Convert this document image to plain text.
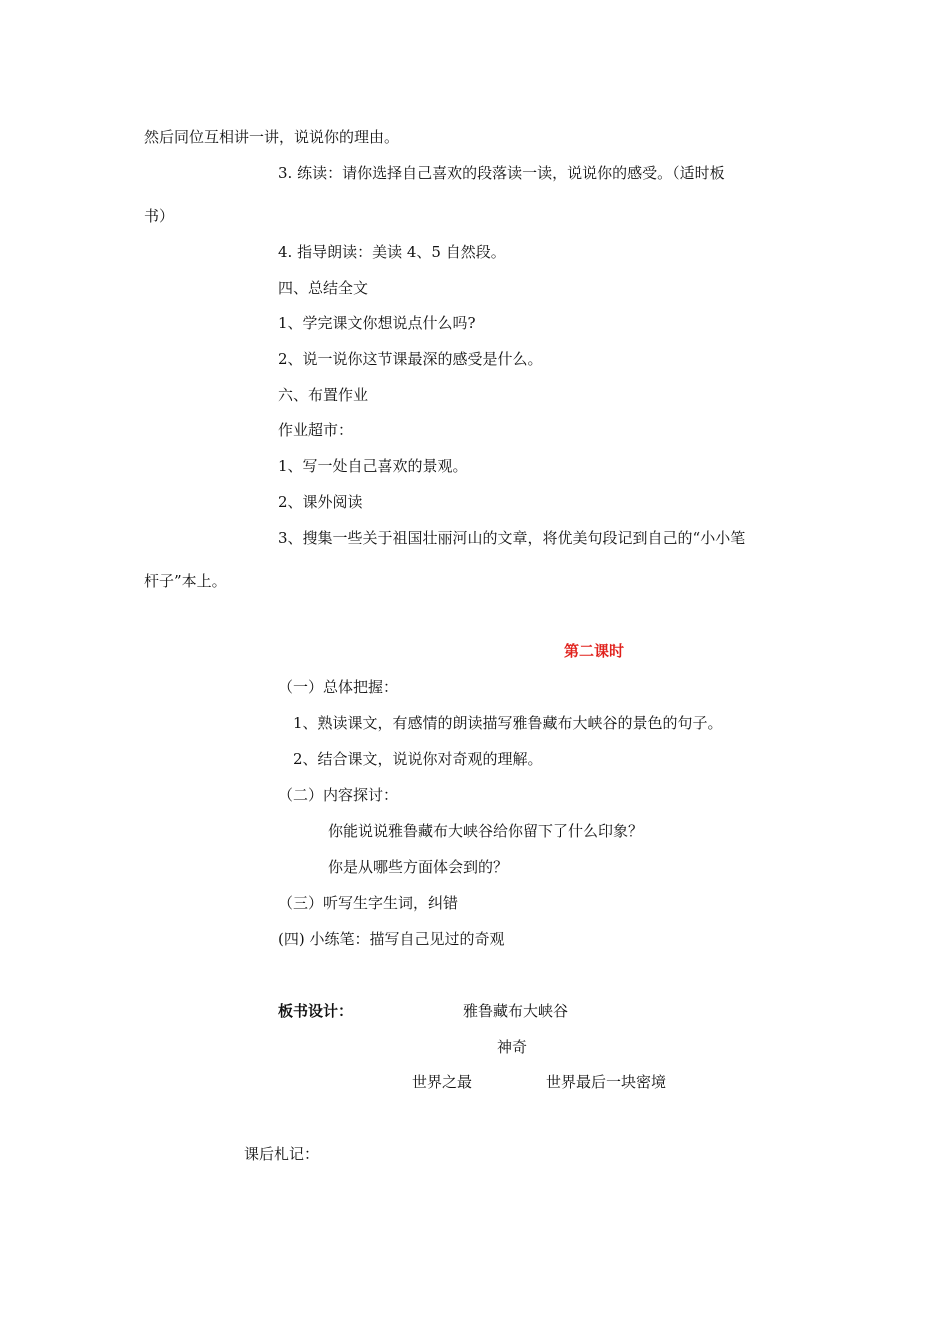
然后同位互相讲一讲，说说你的理由。
3. 练读：请你选择自己喜欢的段落读一读，说说你的感受。（适时板
书）
4. 指导朗读：美读 4、5 自然段。
四、总结全文
1、学完课文你想说点什么吗?
2、说一说你这节课最深的感受是什么。
六、布置作业
作业超市：
1、写一处自己喜欢的景观。
2、课外阅读
3、搜集一些关于祖国壮丽河山的文章，将优美句段记到自己的“小小笔
杆子”本上。
第二课时
（一）总体把握：
1、熟读课文，有感情的朗读描写雅鲁藏布大峡谷的景色的句子。
2、结合课文，说说你对奇观的理解。
（二）内容探讨：
你能说说雅鲁藏布大峡谷给你留下了什么印象？
你是从哪些方面体会到的？
（三）听写生字生词，纠错
(四) 小练笔：描写自己见过的奇观
板书设计：	雅鲁藏布大峡谷
神奇
世界之最	世界最后一块密境
课后札记：
